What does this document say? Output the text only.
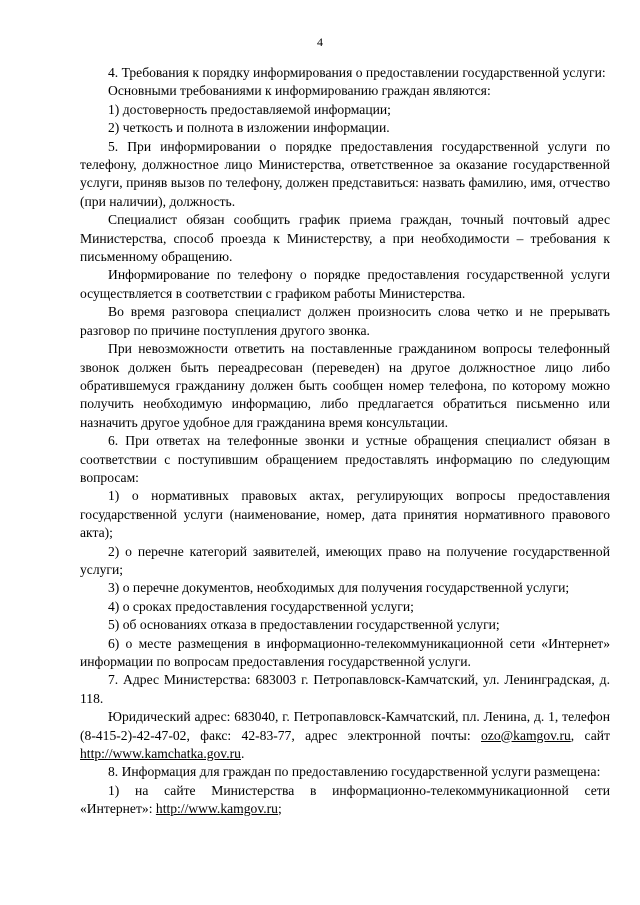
4

4. Требования к порядку информирования о предоставлении государственной услуги:

Основными требованиями к информированию граждан являются:

1) достоверность предоставляемой информации;

2) четкость и полнота в изложении информации.

5. При информировании о порядке предоставления государственной услуги по телефону, должностное лицо Министерства, ответственное за оказание государственной услуги, приняв вызов по телефону, должен представиться: назвать фамилию, имя, отчество (при наличии), должность.

Специалист обязан сообщить график приема граждан, точный почтовый адрес Министерства, способ проезда к Министерству, а при необходимости – требования к письменному обращению.

Информирование по телефону о порядке предоставления государственной услуги осуществляется в соответствии с графиком работы Министерства.

Во время разговора специалист должен произносить слова четко и не прерывать разговор по причине поступления другого звонка.

При невозможности ответить на поставленные гражданином вопросы телефонный звонок должен быть переадресован (переведен) на другое должностное лицо либо обратившемуся гражданину должен быть сообщен номер телефона, по которому можно получить необходимую информацию, либо предлагается обратиться письменно или назначить другое удобное для гражданина время консультации.

6. При ответах на телефонные звонки и устные обращения специалист обязан в соответствии с поступившим обращением предоставлять информацию по следующим вопросам:

1) о нормативных правовых актах, регулирующих вопросы предоставления государственной услуги (наименование, номер, дата принятия нормативного правового акта);

2) о перечне категорий заявителей, имеющих право на получение государственной услуги;

3) о перечне документов, необходимых для получения государственной услуги;

4) о сроках предоставления государственной услуги;

5) об основаниях отказа в предоставлении государственной услуги;

6) о месте размещения в информационно-телекоммуникационной сети «Интернет» информации по вопросам предоставления государственной услуги.

7. Адрес Министерства: 683003 г. Петропавловск-Камчатский, ул. Ленинградская, д. 118.

Юридический адрес: 683040, г. Петропавловск-Камчатский, пл. Ленина, д. 1, телефон (8-415-2)-42-47-02, факс: 42-83-77, адрес электронной почты: ozo@kamgov.ru, сайт http://www.kamchatka.gov.ru.

8. Информация для граждан по предоставлению государственной услуги размещена:

1) на сайте Министерства в информационно-телекоммуникационной сети «Интернет»: http://www.kamgov.ru;
